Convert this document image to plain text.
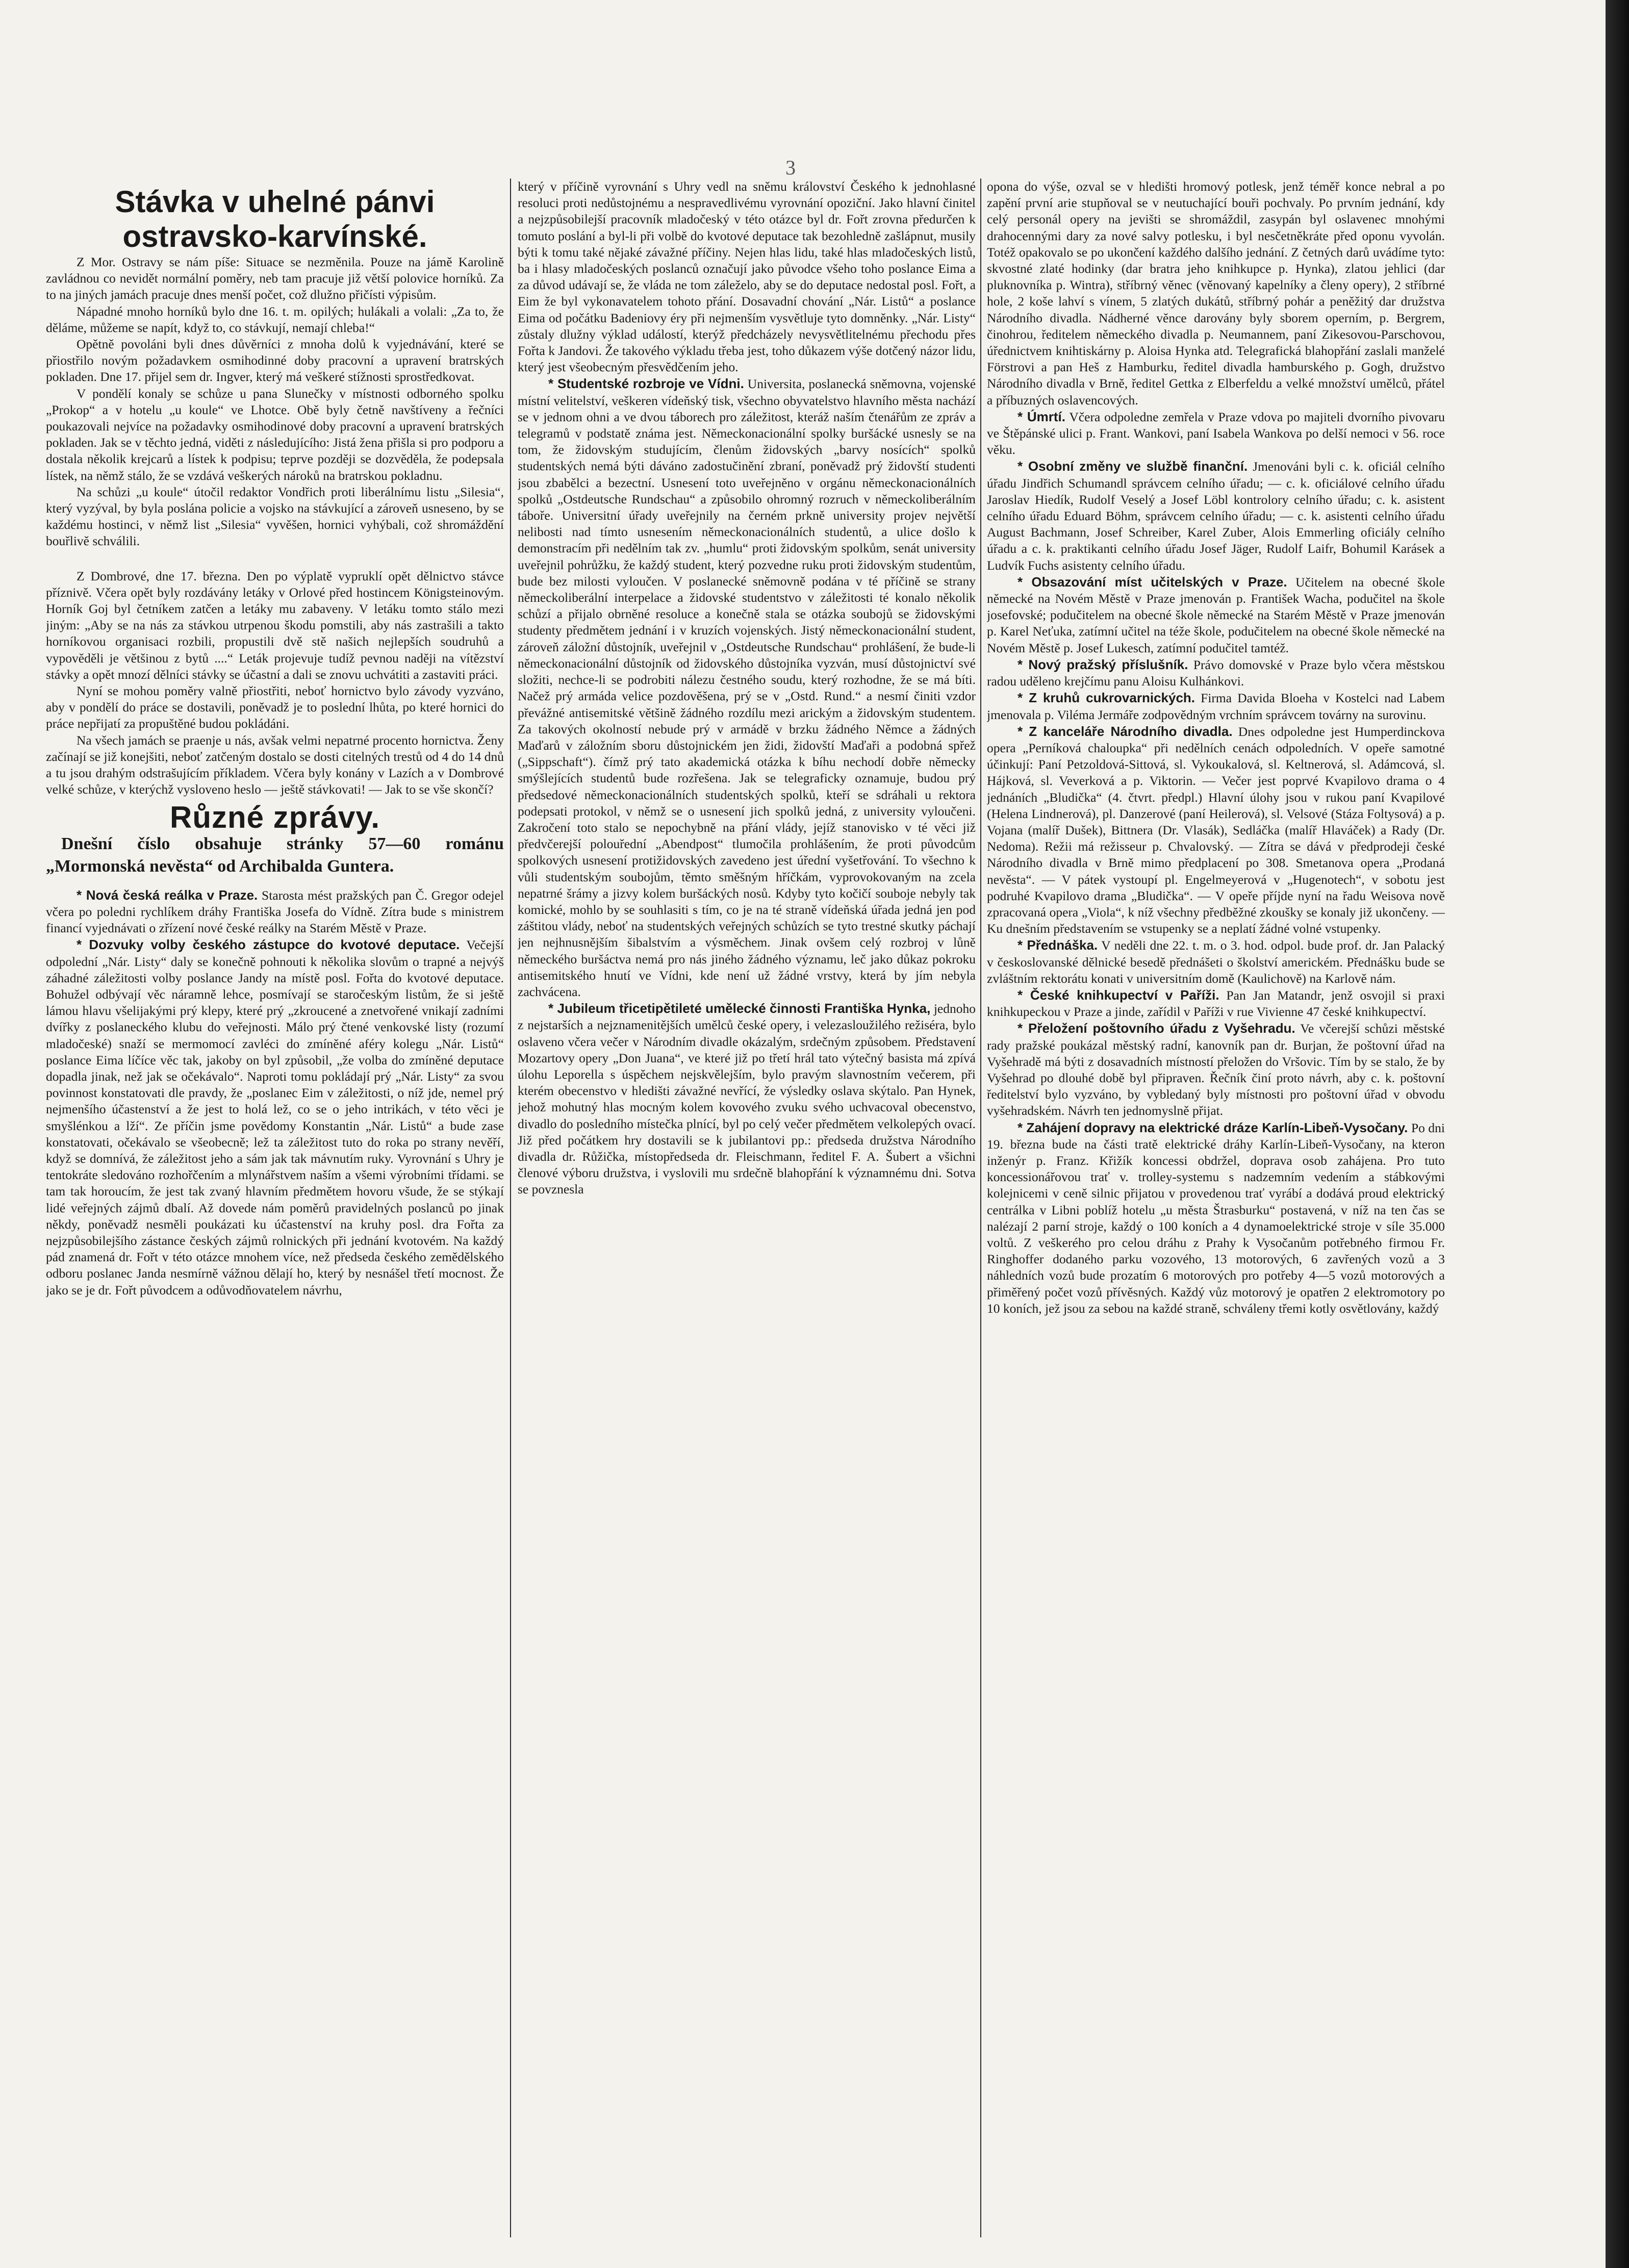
3
Stávka v uhelné pánvi ostravsko-karvínské.

Z Mor. Ostravy se nám píše: Situace se nezměnila. Pouze na jámě Karolině zavládnou co nevidět normální poměry, neb tam pracuje již větší polovice horníků. Za to na jiných jamách pracuje dnes menší počet, což dlužno přičísti výpisům.

Nápadné mnoho horníků bylo dne 16. t. m. opilých; hulákali a volali: „Za to, že děláme, můžeme se napít, když to, co stávkují, nemají chleba!“

Opětně povoláni byli dnes důvěrníci z mnoha dolů k vyjednávání, které se přiostřilo novým požadavkem osmihodinné doby pracovní a upravení bratrských pokladen. Dne 17. přijel sem dr. Ingver, který má veškeré stížnosti sprostředkovat.

V pondělí konaly se schůze u pana Slunečky v místnosti odborného spolku „Prokop“ a v hotelu „u koule“ ve Lhotce. Obě byly četně navštíveny a řečníci poukazovali nejvíce na požadavky osmihodinové doby pracovní a upravení bratrských pokladen. Jak se v těchto jedná, viděti z následujícího: Jistá žena přišla si pro podporu a dostala několik krejcarů a lístek k podpisu; teprve později se dozvěděla, že podepsala lístek, na němž stálo, že se vzdává veškerých nároků na bratrskou pokladnu.

Na schůzi „u koule“ útočil redaktor Vondřich proti liberálnímu listu „Silesia“, který vyzýval, by byla poslána policie a vojsko na stávkující a zároveň usneseno, by se každému hostinci, v němž list „Silesia“ vyvěšen, hornici vyhýbali, což shromáždění bouřlivě schválili.

Z Dombrové, dne 17. března. Den po výplatě vypruklí opět dělnictvo stávce příznivě. Včera opět byly rozdávány letáky v Orlové před hostincem Königsteinovým. Horník Goj byl četníkem zatčen a letáky mu zabaveny. V letáku tomto stálo mezi jiným: „Aby se na nás za stávkou utrpenou škodu pomstili, aby nás zastrašili a takto horníkovou organisaci rozbili, propustili dvě stě našich nejlepších soudruhů a vypověděli je většinou z bytů ....“ Leták projevuje tudíž pevnou naději na vítězství stávky a opět mnozí dělníci stávky se účastní a dali se znovu uchvátiti a zastaviti práci.

Nyní se mohou poměry valně přiostřiti, neboť hornictvo bylo závody vyzváno, aby v pondělí do práce se dostavili, poněvadž je to poslední lhůta, po které hornici do práce nepřijatí za propuštěné budou pokládáni.

Na všech jamách se praenje u nás, avšak velmi nepatrné procento hornictva. Ženy začínají se již konejšiti, neboť zatčeným dostalo se dosti citelných trestů od 4 do 14 dnů a tu jsou drahým odstrašujícím příkladem. Včera byly konány v Lazích a v Dombrové velké schůze, v kterýchž vysloveno heslo — ještě stávkovati! — Jak to se vše skončí?

Různé zprávy.

Dnešní číslo obsahuje stránky 57—60 románu „Mormonská nevěsta“ od Archibalda Guntera.

* Nová česká reálka v Praze. Starosta mést pražských pan Č. Gregor odejel včera po poledni rychlíkem dráhy Františka Josefa do Vídně. Zítra bude s ministrem financí vyjednávati o zřízení nové české reálky na Starém Městě v Praze.

* Dozvuky volby českého zástupce do kvotové deputace. Večejší odpolední „Nár. Listy“ daly se konečně pohnouti k několika slovům o trapné a nejvýš záhadné záležitosti volby poslance Jandy na místě posl. Fořta do kvotové deputace. Bohužel odbývají věc náramně lehce, posmívají se staročeským listům, že si ještě lámou hlavu všelijakými prý klepy, které prý „zkroucené a znetvořené vnikají zadními dvířky z poslaneckého klubu do veřejnosti. Málo prý čtené venkovské listy (rozumí mladočeské) snaží se mermomocí zavléci do zmíněné aféry kolegu „Nár. Listů“ poslance Eima líčíce věc tak, jakoby on byl způsobil, „že volba do zmíněné deputace dopadla jinak, než jak se očekávalo“. Naproti tomu pokládají prý „Nár. Listy“ za svou povinnost konstatovati dle pravdy, že „poslanec Eim v záležitosti, o níž jde, nemel prý nejmenšího účastenství a že jest to holá lež, co se o jeho intrikách, v této věci je smyšlénkou a lží“. Ze příčin jsme povědomy Konstantin „Nár. Listů“ a bude zase konstatovati, očekávalo se všeobecně; lež ta záležitost tuto do roka po strany nevěří, když se domnívá, že záležitost jeho a sám jak tak mávnutím ruky. Vyrovnání s Uhry je tentokráte sledováno rozhořčením a mlynářstvem naším a všemi výrobními třídami. se tam tak horoucím, že jest tak zvaný hlavním předmětem hovoru všude, že se stýkají lidé veřejných zájmů dbalí. Až dovede nám poměrů pravidelných poslanců po jinak někdy, poněvadž nesměli poukázati ku účastenství na kruhy posl. dra Fořta za nejzpůsobilejšího zástance českých zájmů rolnických při jednání kvotovém. Na každý pád znamená dr. Fořt v této otázce mnohem více, než předseda českého zemědělského odboru poslanec Janda nesmírně vážnou dělají ho, který by nesnášel třetí mocnost. Že jako se je dr. Fořt původcem a odůvodňovatelem návrhu,

který v příčině vyrovnání s Uhry vedl na sněmu království Českého k jednohlasné resoluci proti nedůstojnému a nespravedlivému vyrovnání opoziční. Jako hlavní činitel a nejzpůsobilejší pracovník mladočeský v této otázce byl dr. Fořt zrovna předurčen k tomuto poslání a byl-li při volbě do kvotové deputace tak bezohledně zašlápnut, musily býti k tomu také nějaké závažné příčiny. Nejen hlas lidu, také hlas mladočeských listů, ba i hlasy mladočeských poslanců označují jako původce všeho toho poslance Eima a za důvod udávají se, že vláda ne tom záleželo, aby se do deputace nedostal posl. Fořt, a Eim že byl vykonavatelem tohoto přání. Dosavadní chování „Nár. Listů“ a poslance Eima od počátku Badeniovy éry při nejmenším vysvětluje tyto domněnky. „Nár. Listy“ zůstaly dlužny výklad událostí, kterýž předcházely nevysvětlitelnému přechodu přes Fořta k Jandovi. Že takového výkladu třeba jest, toho důkazem výše dotčený názor lidu, který jest všeobecným přesvědčením jeho.

* Studentské rozbroje ve Vídni. Universita, poslanecká sněmovna, vojenské místní velitelství, veškeren vídeňský tisk, všechno obyvatelstvo hlavního města nachází se v jednom ohni a ve dvou táborech pro záležitost, kteráž naším čtenářům ze zpráv a telegramů v podstatě známa jest. Německonacionální spolky buršácké usnesly se na tom, že židovským studujícím, členům židovských „barvy nosících“ spolků studentských nemá býti dáváno zadostučinění zbraní, poněvadž prý židovští studenti jsou zbabělci a bezectní. Usnesení toto uveřejněno v orgánu německonacionálních spolků „Ostdeutsche Rundschau“ a způsobilo ohromný rozruch v německoliberálním táboře. Universitní úřady uveřejnily na černém prkně university projev největší nelibosti nad tímto usnesením německonacionálních studentů, a ulice došlo k demonstracím při nedělním tak zv. „humlu“ proti židovským spolkům, senát university uveřejnil pohrůžku, že každý student, který pozvedne ruku proti židovským studentům, bude bez milosti vyloučen. V poslanecké sněmovně podána v té příčině se strany německoliberální interpelace a židovské studentstvo v záležitosti té konalo několik schůzí a přijalo obrněné resoluce a konečně stala se otázka soubojů se židovskými studenty předmětem jednání i v kruzích vojenských. Jistý německonacionální student, zároveň záložní důstojník, uveřejnil v „Ostdeutsche Rundschau“ prohlášení, že bude-li německonacionální důstojník od židovského důstojníka vyzván, musí důstojnictví své složiti, nechce-li se podrobiti nálezu čestného soudu, který rozhodne, že se má bíti. Načež prý armáda velice pozdověšena, prý se v „Ostd. Rund.“ a nesmí činiti vzdor převážné antisemitské většině žádného rozdílu mezi arickým a židovským studentem. Za takových okolností nebude prý v armádě v brzku žádného Němce a žádných Maďarů v záložním sboru důstojnickém jen židi, židovští Maďaři a podobná spřež („Sippschaft“). čímž prý tato akademická otázka k bíhu nechodí dobře německy smýšlejících studentů bude rozřešena. Jak se telegraficky oznamuje, budou prý předsedové německonacionálních studentských spolků, kteří se sdráhali u rektora podepsati protokol, v němž se o usnesení jich spolků jedná, z university vyloučeni. Zakročení toto stalo se nepochybně na přání vlády, jejíž stanovisko v té věci již předvčerejší polouřední „Abendpost“ tlumočila prohlášením, že proti původcům spolkových usnesení protižidovských zavedeno jest úřední vyšetřování. To všechno k vůli studentským soubojům, těmto směšným hříčkám, vyprovokovaným na zcela nepatrné šrámy a jizvy kolem buršáckých nosů. Kdyby tyto kočičí souboje nebyly tak komické, mohlo by se souhlasiti s tím, co je na té straně vídeňská úřada jedná jen pod záštitou vlády, neboť na studentských veřejných schůzích se tyto trestné skutky páchají jen nejhnusnějším šibalstvím a výsměchem. Jinak ovšem celý rozbroj v lůně německého buršáctva nemá pro nás jiného žádného významu, leč jako důkaz pokroku antisemitského hnutí ve Vídni, kde není už žádné vrstvy, která by jím nebyla zachvácena.

* Jubileum třicetipětileté umělecké činnosti Františka Hynka, jednoho z nejstarších a nejznamenitějších umělců české opery, i velezasloužilého režiséra, bylo oslaveno včera večer v Národním divadle okázalým, srdečným způsobem. Představení Mozartovy opery „Don Juana“, ve které již po třetí hrál tato výtečný basista má zpívá úlohu Leporella s úspěchem nejskvělejším, bylo pravým slavnostním večerem, při kterém obecenstvo v hledišti závažné nevřící, že výsledky oslava skýtalo. Pan Hynek, jehož mohutný hlas mocným kolem kovového zvuku svého uchvacoval obecenstvo, divadlo do posledního místečka plnící, byl po celý večer předmětem velkolepých ovací. Již před počátkem hry dostavili se k jubilantovi pp.: předseda družstva Národního divadla dr. Růžička, místopředseda dr. Fleischmann, ředitel F. A. Šubert a všichni členové výboru družstva, i vyslovili mu srdečně blahopřání k významnému dni. Sotva se povznesla

opona do výše, ozval se v hledišti hromový potlesk, jenž téměř konce nebral a po zapění první arie stupňoval se v neutuchající bouři pochvaly. Po prvním jednání, kdy celý personál opery na jevišti se shromáždil, zasypán byl oslavenec mnohými drahocennými dary za nové salvy potlesku, i byl nesčetněkráte před oponu vyvolán. Totéž opakovalo se po ukončení každého dalšího jednání. Z četných darů uvádíme tyto: skvostné zlaté hodinky (dar bratra jeho knihkupce p. Hynka), zlatou jehlici (dar pluknovníka p. Wintra), stříbrný věnec (věnovaný kapelníky a členy opery), 2 stříbrné hole, 2 koše lahví s vínem, 5 zlatých dukátů, stříbrný pohár a peněžitý dar družstva Národního divadla. Nádherné věnce darovány byly sborem operním, p. Bergrem, činohrou, ředitelem německého divadla p. Neumannem, paní Zikesovou-Parschovou, úřednictvem knihtiskárny p. Aloisa Hynka atd. Telegrafická blahopřání zaslali manželé Förstrovi a pan Heš z Hamburku, ředitel divadla hamburského p. Gogh, družstvo Národního divadla v Brně, ředitel Gettka z Elberfeldu a velké množství umělců, přátel a příbuzných oslavencových.

* Úmrtí. Včera odpoledne zemřela v Praze vdova po majiteli dvorního pivovaru ve Štěpánské ulici p. Frant. Wankovi, paní Isabela Wankova po delší nemoci v 56. roce věku.

* Osobní změny ve službě finanční. Jmenováni byli c. k. oficiál celního úřadu Jindřich Schumandl správcem celního úřadu; — c. k. oficiálové celního úřadu Jaroslav Hiedík, Rudolf Veselý a Josef Löbl kontrolory celního úřadu; c. k. asistent celního úřadu Eduard Böhm, správcem celního úřadu; — c. k. asistenti celního úřadu August Bachmann, Josef Schreiber, Karel Zuber, Alois Emmerling oficiály celního úřadu a c. k. praktikanti celního úřadu Josef Jäger, Rudolf Laifr, Bohumil Karásek a Ludvík Fuchs asistenty celního úřadu.

* Obsazování míst učitelských v Praze. Učitelem na obecné škole německé na Novém Městě v Praze jmenován p. František Wacha, podučitel na škole josefovské; podučitelem na obecné škole německé na Starém Městě v Praze jmenován p. Karel Neťuka, zatímní učitel na téže škole, podučitelem na obecné škole německé na Novém Městě p. Josef Lukesch, zatímní podučitel tamtéž.

* Nový pražský příslušník. Právo domovské v Praze bylo včera městskou radou uděleno krejčímu panu Aloisu Kulhánkovi.

* Z kruhů cukrovarnických. Firma Davida Bloeha v Kostelci nad Labem jmenovala p. Viléma Jermáře zodpovědným vrchním správcem továrny na surovinu.

* Z kanceláře Národního divadla. Dnes odpoledne jest Humperdinckova opera „Perníková chaloupka“ při nedělních cenách odpoledních. V opeře samotné účinkují: Paní Petzoldová-Sittová, sl. Vykoukalová, sl. Keltnerová, sl. Adámcová, sl. Hájková, sl. Veverková a p. Viktorin. — Večer jest poprvé Kvapilovo drama o 4 jednáních „Bludička“ (4. čtvrt. předpl.) Hlavní úlohy jsou v rukou paní Kvapilové (Helena Lindnerová), pl. Danzerové (paní Heilerová), sl. Velsové (Stáza Foltysová) a p. Vojana (malíř Dušek), Bittnera (Dr. Vlasák), Sedláčka (malíř Hlaváček) a Rady (Dr. Nedoma). Režii má režisseur p. Chvalovský. — Zítra se dává v předprodeji české Národního divadla v Brně mimo předplacení po 308. Smetanova opera „Prodaná nevěsta“. — V pátek vystoupí pl. Engelmeyerová v „Hugenotech“, v sobotu jest podruhé Kvapilovo drama „Bludička“. — V opeře příjde nyní na řadu Weisova nově zpracovaná opera „Viola“, k níž všechny předběžné zkoušky se konaly již ukončeny. — Ku dnešním představením se vstupenky se a neplatí žádné volné vstupenky.

* Přednáška. V neděli dne 22. t. m. o 3. hod. odpol. bude prof. dr. Jan Palacký v českoslovanské dělnické besedě přednášeti o školství americkém. Přednášku bude se zvláštním rektorátu konati v universitním domě (Kaulichově) na Karlově nám.

* České knihkupectví v Paříži. Pan Jan Matandr, jenž osvojil si praxi knihkupeckou v Praze a jinde, zařídil v Paříži v rue Vivienne 47 české knihkupectví.

* Přeložení poštovního úřadu z Vyšehradu. Ve včerejší schůzi městské rady pražské poukázal městský radní, kanovník pan dr. Burjan, že poštovní úřad na Vyšehradě má býti z dosavadních místností přeložen do Vršovic. Tím by se stalo, že by Vyšehrad po dlouhé době byl připraven. Řečník činí proto návrh, aby c. k. poštovní ředitelství bylo vyzváno, by vybledaný byly místnosti pro poštovní úřad v obvodu vyšehradském. Návrh ten jednomyslně přijat.

* Zahájení dopravy na elektrické dráze Karlín-Libeň-Vysočany. Po dni 19. března bude na části tratě elektrické dráhy Karlín-Libeň-Vysočany, na kteron inženýr p. Franz. Křižík koncessi obdržel, doprava osob zahájena. Pro tuto koncessionářovou trať v. trolley-systemu s nadzemním vedením a stábkovými kolejnicemi v ceně silnic přijatou v provedenou trať vyrábí a dodává proud elektrický centrálka v Libni poblíž hotelu „u města Štrasburku“ postavená, v níž na ten čas se nalézají 2 parní stroje, každý o 100 koních a 4 dynamoelektrické stroje v síle 35.000 voltů. Z veškerého pro celou dráhu z Prahy k Vysočanům potřebného firmou Fr. Ringhoffer dodaného parku vozového, 13 motorových, 6 zavřených vozů a 3 náhledních vozů bude prozatím 6 motorových pro potřeby 4—5 vozů motorových a přiměřený počet vozů přívěsných. Každý vůz motorový je opatřen 2 elektromotory po 10 koních, jež jsou za sebou na každé straně, schváleny třemi kotly osvětlovány, každý
